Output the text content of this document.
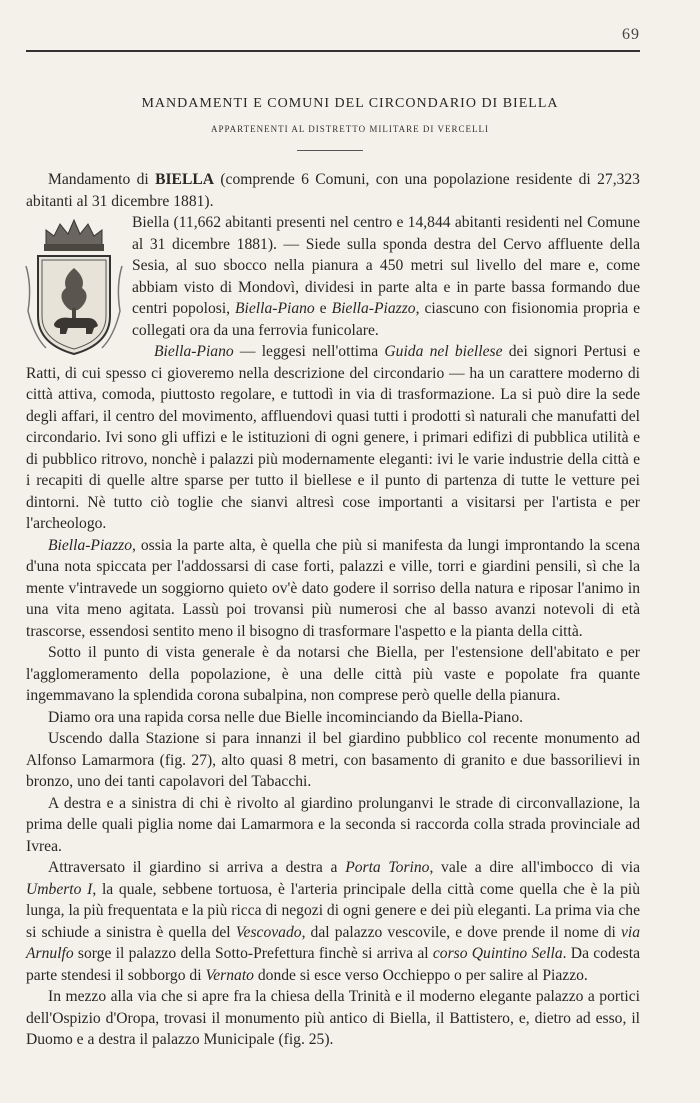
69
MANDAMENTI E COMUNI DEL CIRCONDARIO DI BIELLA
APPARTENENTI AL DISTRETTO MILITARE DI VERCELLI

Mandamento di BIELLA (comprende 6 Comuni, con una popolazione residente di 27,323 abitanti al 31 dicembre 1881).

Biella (11,662 abitanti presenti nel centro e 14,844 abitanti residenti nel Comune al 31 dicembre 1881). — Siede sulla sponda destra del Cervo affluente della Sesia, al suo sbocco nella pianura a 450 metri sul livello del mare e, come abbiam visto di Mondovì, dividesi in parte alta e in parte bassa formando due centri popolosi, Biella-Piano e Biella-Piazzo, ciascuno con fisionomia propria e collegati ora da una ferrovia funicolare.

Biella-Piano — leggesi nell'ottima Guida nel biellese dei signori Pertusi e Ratti, di cui spesso ci gioveremo nella descrizione del circondario — ha un carattere moderno di città attiva, comoda, piuttosto regolare, e tuttodì in via di trasformazione. La si può dire la sede degli affari, il centro del movimento, affluendovi quasi tutti i prodotti sì naturali che manufatti del circondario. Ivi sono gli uffizi e le istituzioni di ogni genere, i primari edifizi di pubblica utilità e di pubblico ritrovo, nonchè i palazzi più modernamente eleganti: ivi le varie industrie della città e i recapiti di quelle altre sparse per tutto il biellese e il punto di partenza di tutte le vetture pei dintorni. Nè tutto ciò toglie che sianvi altresì cose importanti a visitarsi per l'artista e per l'archeologo.

Biella-Piazzo, ossia la parte alta, è quella che più si manifesta da lungi improntando la scena d'una nota spiccata per l'addossarsi di case forti, palazzi e ville, torri e giardini pensili, sì che la mente v'intravede un soggiorno quieto ov'è dato godere il sorriso della natura e riposar l'animo in una vita meno agitata. Lassù poi trovansi più numerosi che al basso avanzi notevoli di età trascorse, essendosi sentito meno il bisogno di trasformare l'aspetto e la pianta della città.

Sotto il punto di vista generale è da notarsi che Biella, per l'estensione dell'abitato e per l'agglomeramento della popolazione, è una delle città più vaste e popolate fra quante ingemmavano la splendida corona subalpina, non comprese però quelle della pianura.

Diamo ora una rapida corsa nelle due Bielle incominciando da Biella-Piano.

Uscendo dalla Stazione si para innanzi il bel giardino pubblico col recente monumento ad Alfonso Lamarmora (fig. 27), alto quasi 8 metri, con basamento di granito e due bassorilievi in bronzo, uno dei tanti capolavori del Tabacchi.

A destra e a sinistra di chi è rivolto al giardino prolunganvi le strade di circonvallazione, la prima delle quali piglia nome dai Lamarmora e la seconda si raccorda colla strada provinciale ad Ivrea.

Attraversato il giardino si arriva a destra a Porta Torino, vale a dire all'imbocco di via Umberto I, la quale, sebbene tortuosa, è l'arteria principale della città come quella che è la più lunga, la più frequentata e la più ricca di negozi di ogni genere e dei più eleganti. La prima via che si schiude a sinistra è quella del Vescovado, dal palazzo vescovile, e dove prende il nome di via Arnulfo sorge il palazzo della Sotto-Prefettura finchè si arriva al corso Quintino Sella. Da codesta parte stendesi il sobborgo di Vernato donde si esce verso Occhieppo o per salire al Piazzo.

In mezzo alla via che si apre fra la chiesa della Trinità e il moderno elegante palazzo a portici dell'Ospizio d'Oropa, trovasi il monumento più antico di Biella, il Battistero, e, dietro ad esso, il Duomo e a destra il palazzo Municipale (fig. 25).
